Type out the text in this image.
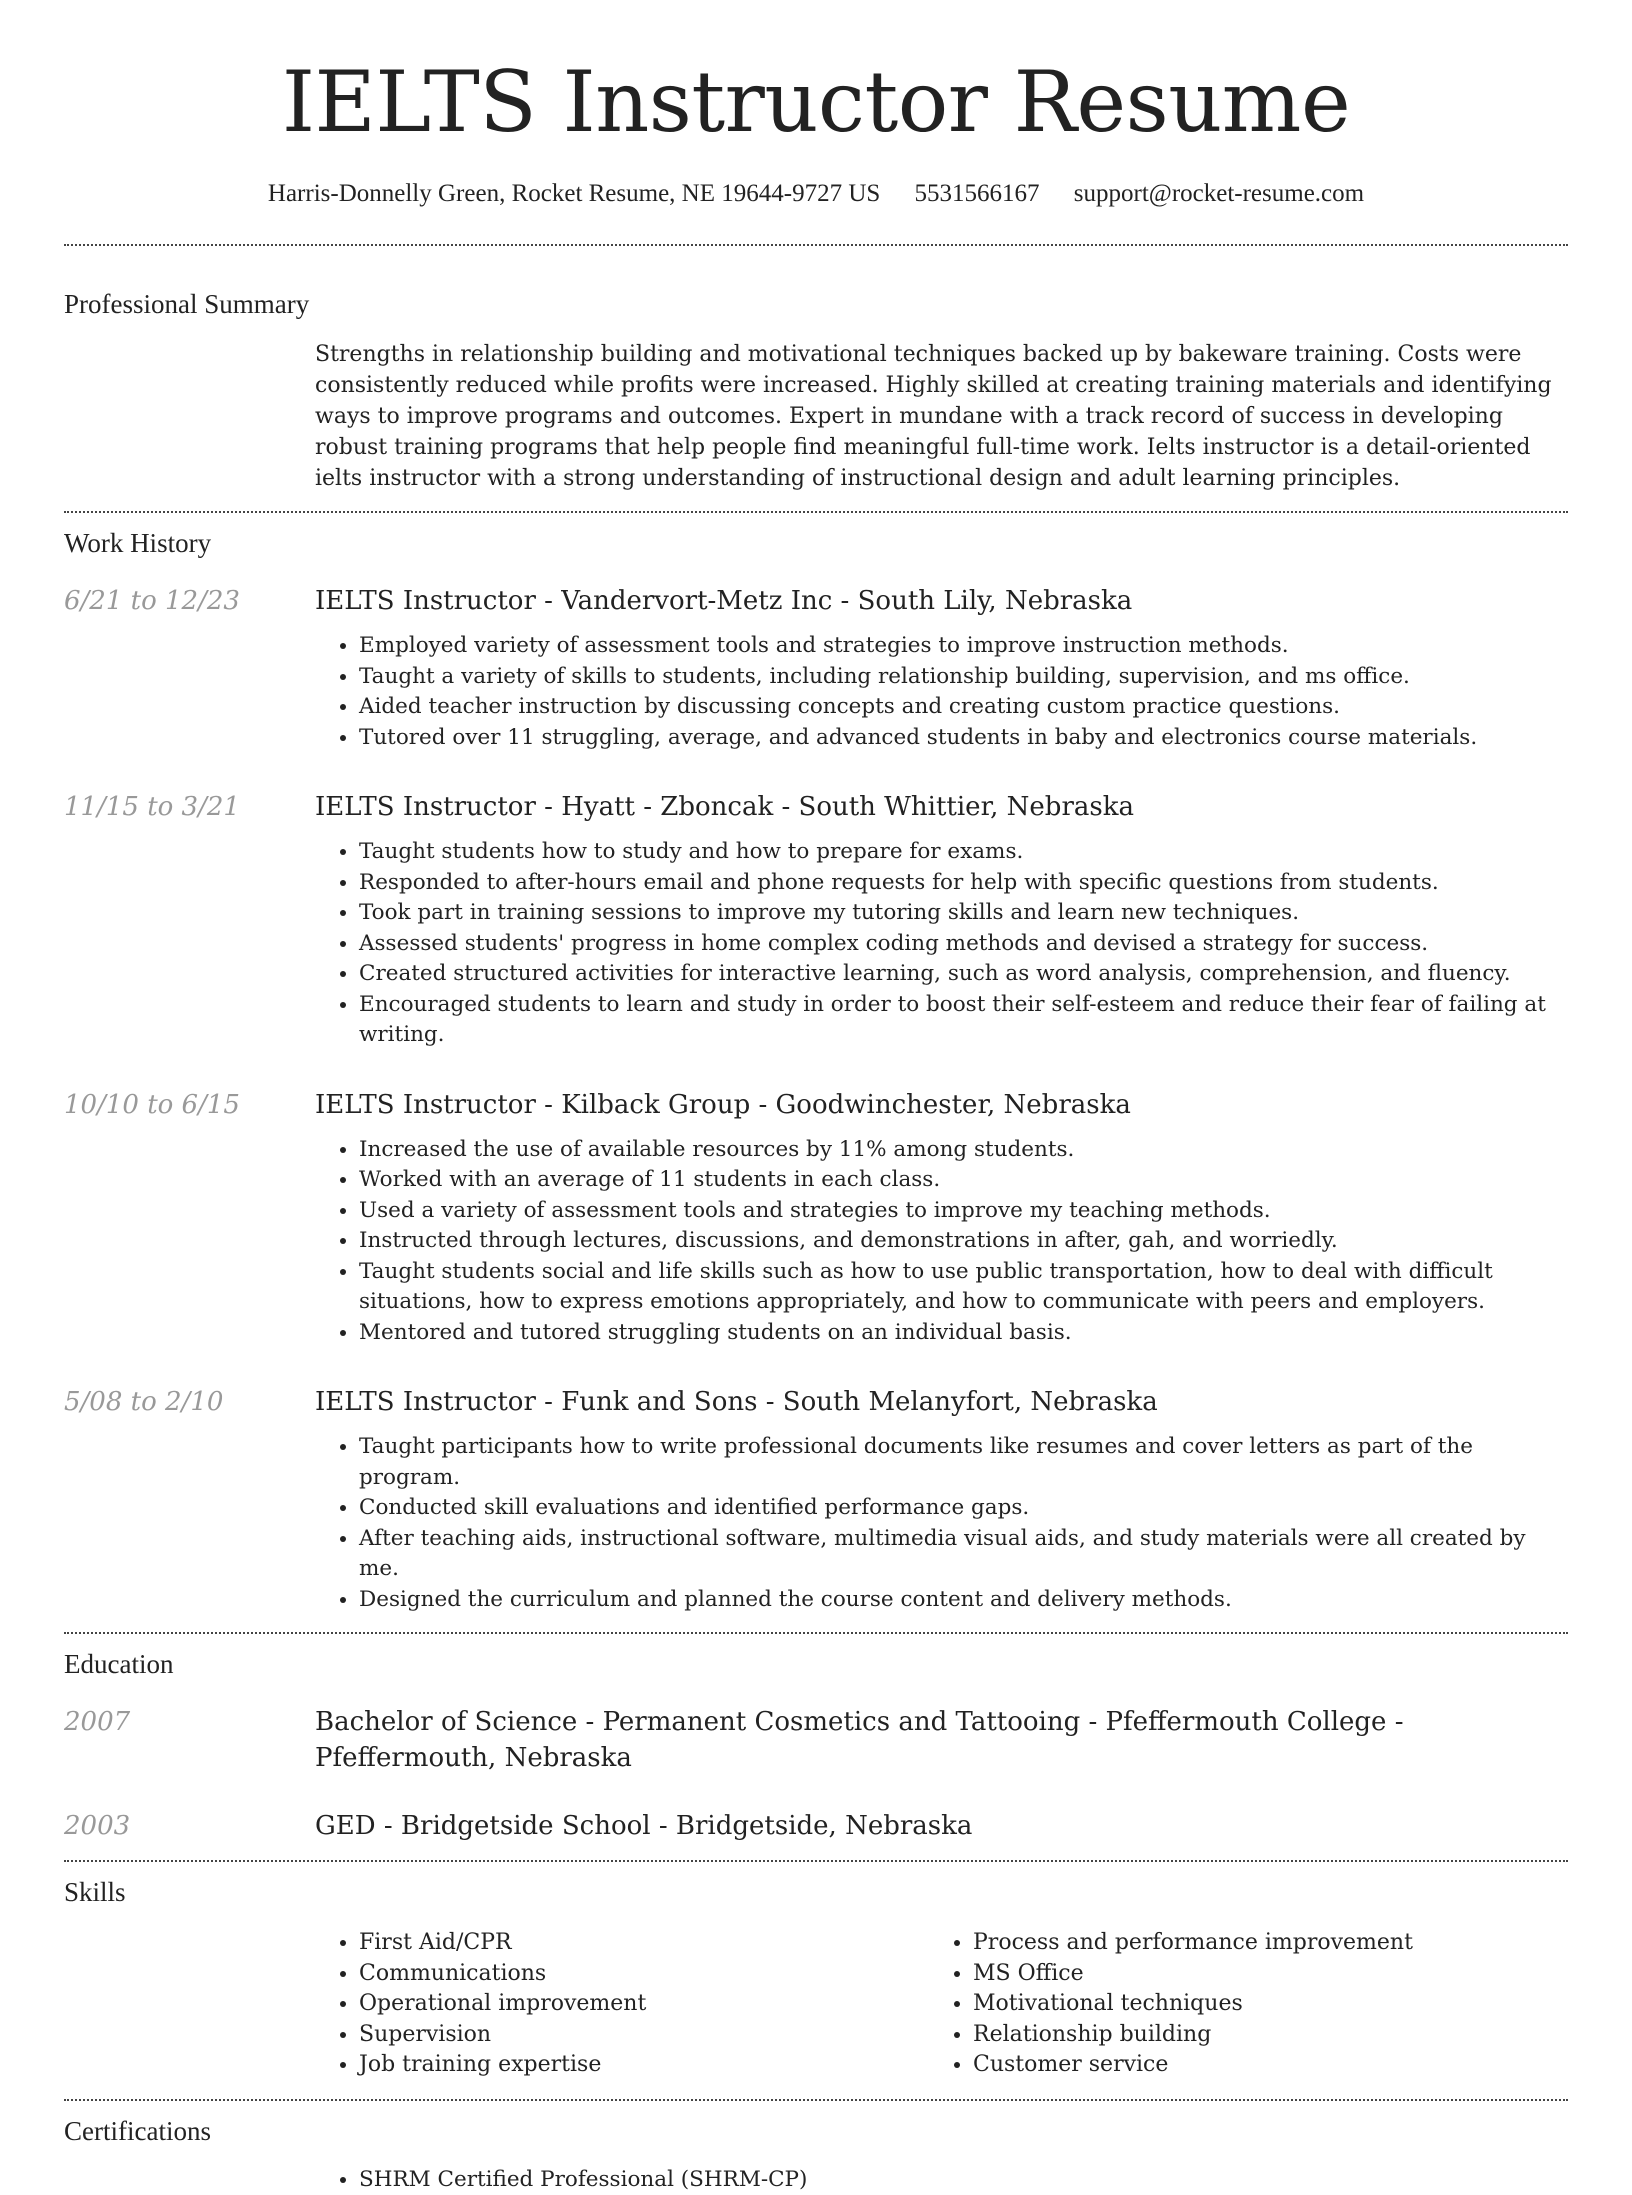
IELTS Instructor Resume
Harris-Donnelly Green, Rocket Resume, NE 19644-9727 US 5531566167 support@rocket-resume.com
Professional Summary
Strengths in relationship building and motivational techniques backed up by bakeware training. Costs were consistently reduced while profits were increased. Highly skilled at creating training materials and identifying ways to improve programs and outcomes. Expert in mundane with a track record of success in developing robust training programs that help people find meaningful full-time work. Ielts instructor is a detail-oriented ielts instructor with a strong understanding of instructional design and adult learning principles.
Work History
6/21 to 12/23	IELTS Instructor - Vandervort-Metz Inc - South Lily, Nebraska
• Employed variety of assessment tools and strategies to improve instruction methods.
• Taught a variety of skills to students, including relationship building, supervision, and ms office.
• Aided teacher instruction by discussing concepts and creating custom practice questions.
• Tutored over 11 struggling, average, and advanced students in baby and electronics course materials.
11/15 to 3/21	IELTS Instructor - Hyatt - Zboncak - South Whittier, Nebraska
• Taught students how to study and how to prepare for exams.
• Responded to after-hours email and phone requests for help with specific questions from students.
• Took part in training sessions to improve my tutoring skills and learn new techniques.
• Assessed students' progress in home complex coding methods and devised a strategy for success.
• Created structured activities for interactive learning, such as word analysis, comprehension, and fluency.
• Encouraged students to learn and study in order to boost their self-esteem and reduce their fear of failing at writing.
10/10 to 6/15	IELTS Instructor - Kilback Group - Goodwinchester, Nebraska
• Increased the use of available resources by 11% among students.
• Worked with an average of 11 students in each class.
• Used a variety of assessment tools and strategies to improve my teaching methods.
• Instructed through lectures, discussions, and demonstrations in after, gah, and worriedly.
• Taught students social and life skills such as how to use public transportation, how to deal with difficult situations, how to express emotions appropriately, and how to communicate with peers and employers.
• Mentored and tutored struggling students on an individual basis.
5/08 to 2/10	IELTS Instructor - Funk and Sons - South Melanyfort, Nebraska
• Taught participants how to write professional documents like resumes and cover letters as part of the program.
• Conducted skill evaluations and identified performance gaps.
• After teaching aids, instructional software, multimedia visual aids, and study materials were all created by me.
• Designed the curriculum and planned the course content and delivery methods.
Education
2007	Bachelor of Science - Permanent Cosmetics and Tattooing - Pfeffermouth College - Pfeffermouth, Nebraska
2003	GED - Bridgetside School - Bridgetside, Nebraska
Skills
• First Aid/CPR
• Communications
• Operational improvement
• Supervision
• Job training expertise
• Process and performance improvement
• MS Office
• Motivational techniques
• Relationship building
• Customer service
Certifications
• SHRM Certified Professional (SHRM-CP)
